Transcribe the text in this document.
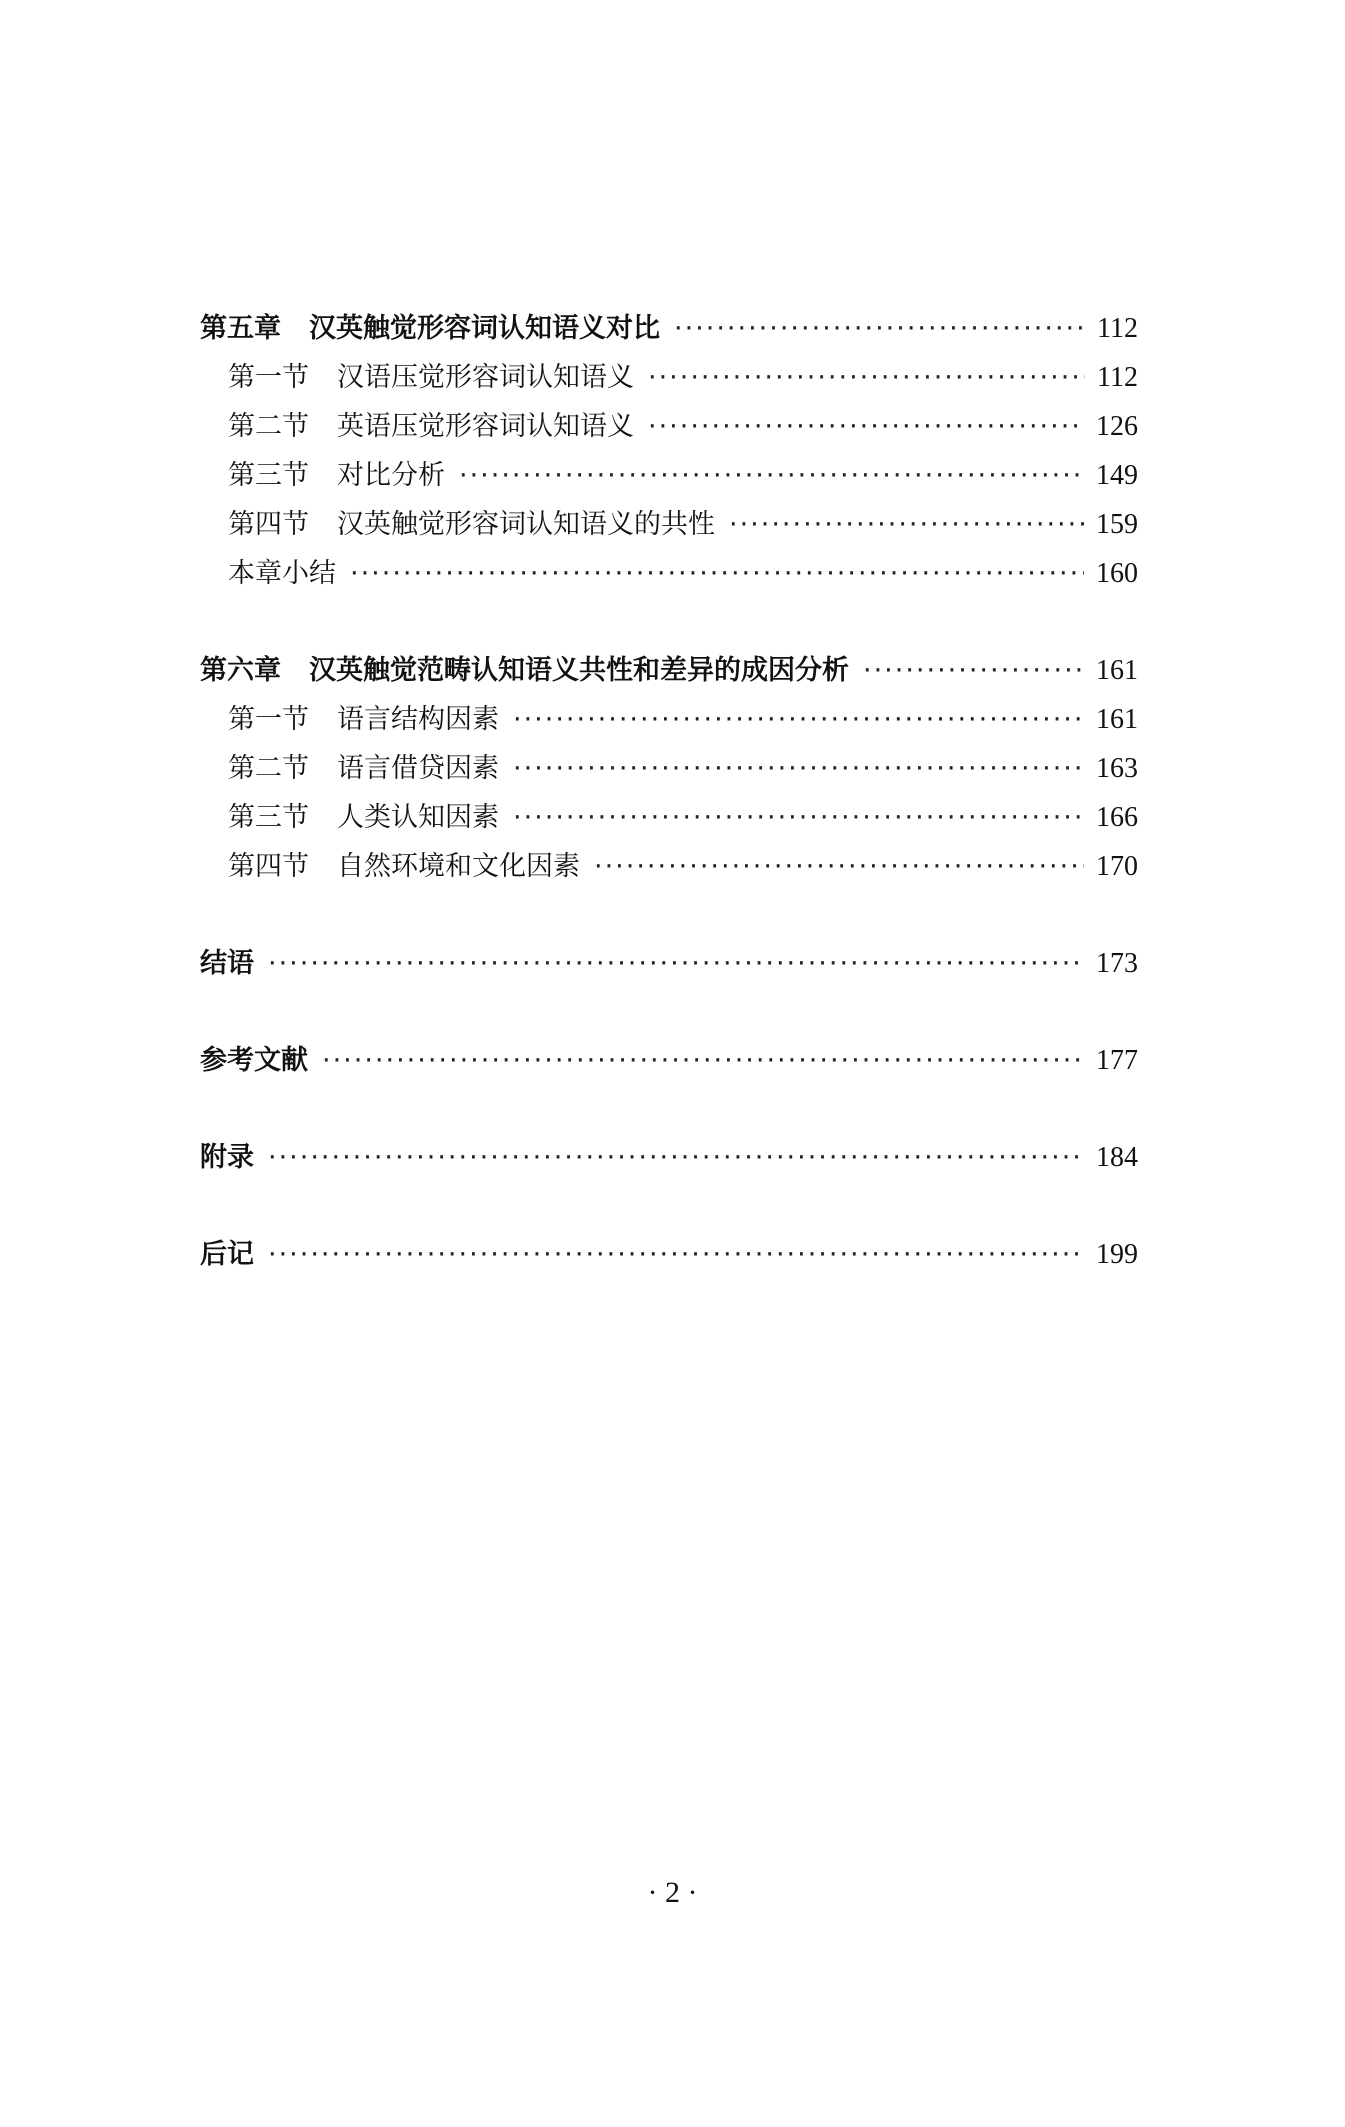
第五章 汉英触觉形容词认知语义对比 ·····	112
第一节 汉语压觉形容词认知语义 ·····	112
第二节 英语压觉形容词认知语义 ·····	126
第三节 对比分析 ·····	149
第四节 汉英触觉形容词认知语义的共性 ·····	159
本章小结 ·····	160
第六章 汉英触觉范畴认知语义共性和差异的成因分析 ·····	161
第一节 语言结构因素 ·····	161
第二节 语言借贷因素 ·····	163
第三节 人类认知因素 ·····	166
第四节 自然环境和文化因素 ·····	170
结语 ·····	173
参考文献 ·····	177
附录 ·····	184
后记 ·····	199
· 2 ·
